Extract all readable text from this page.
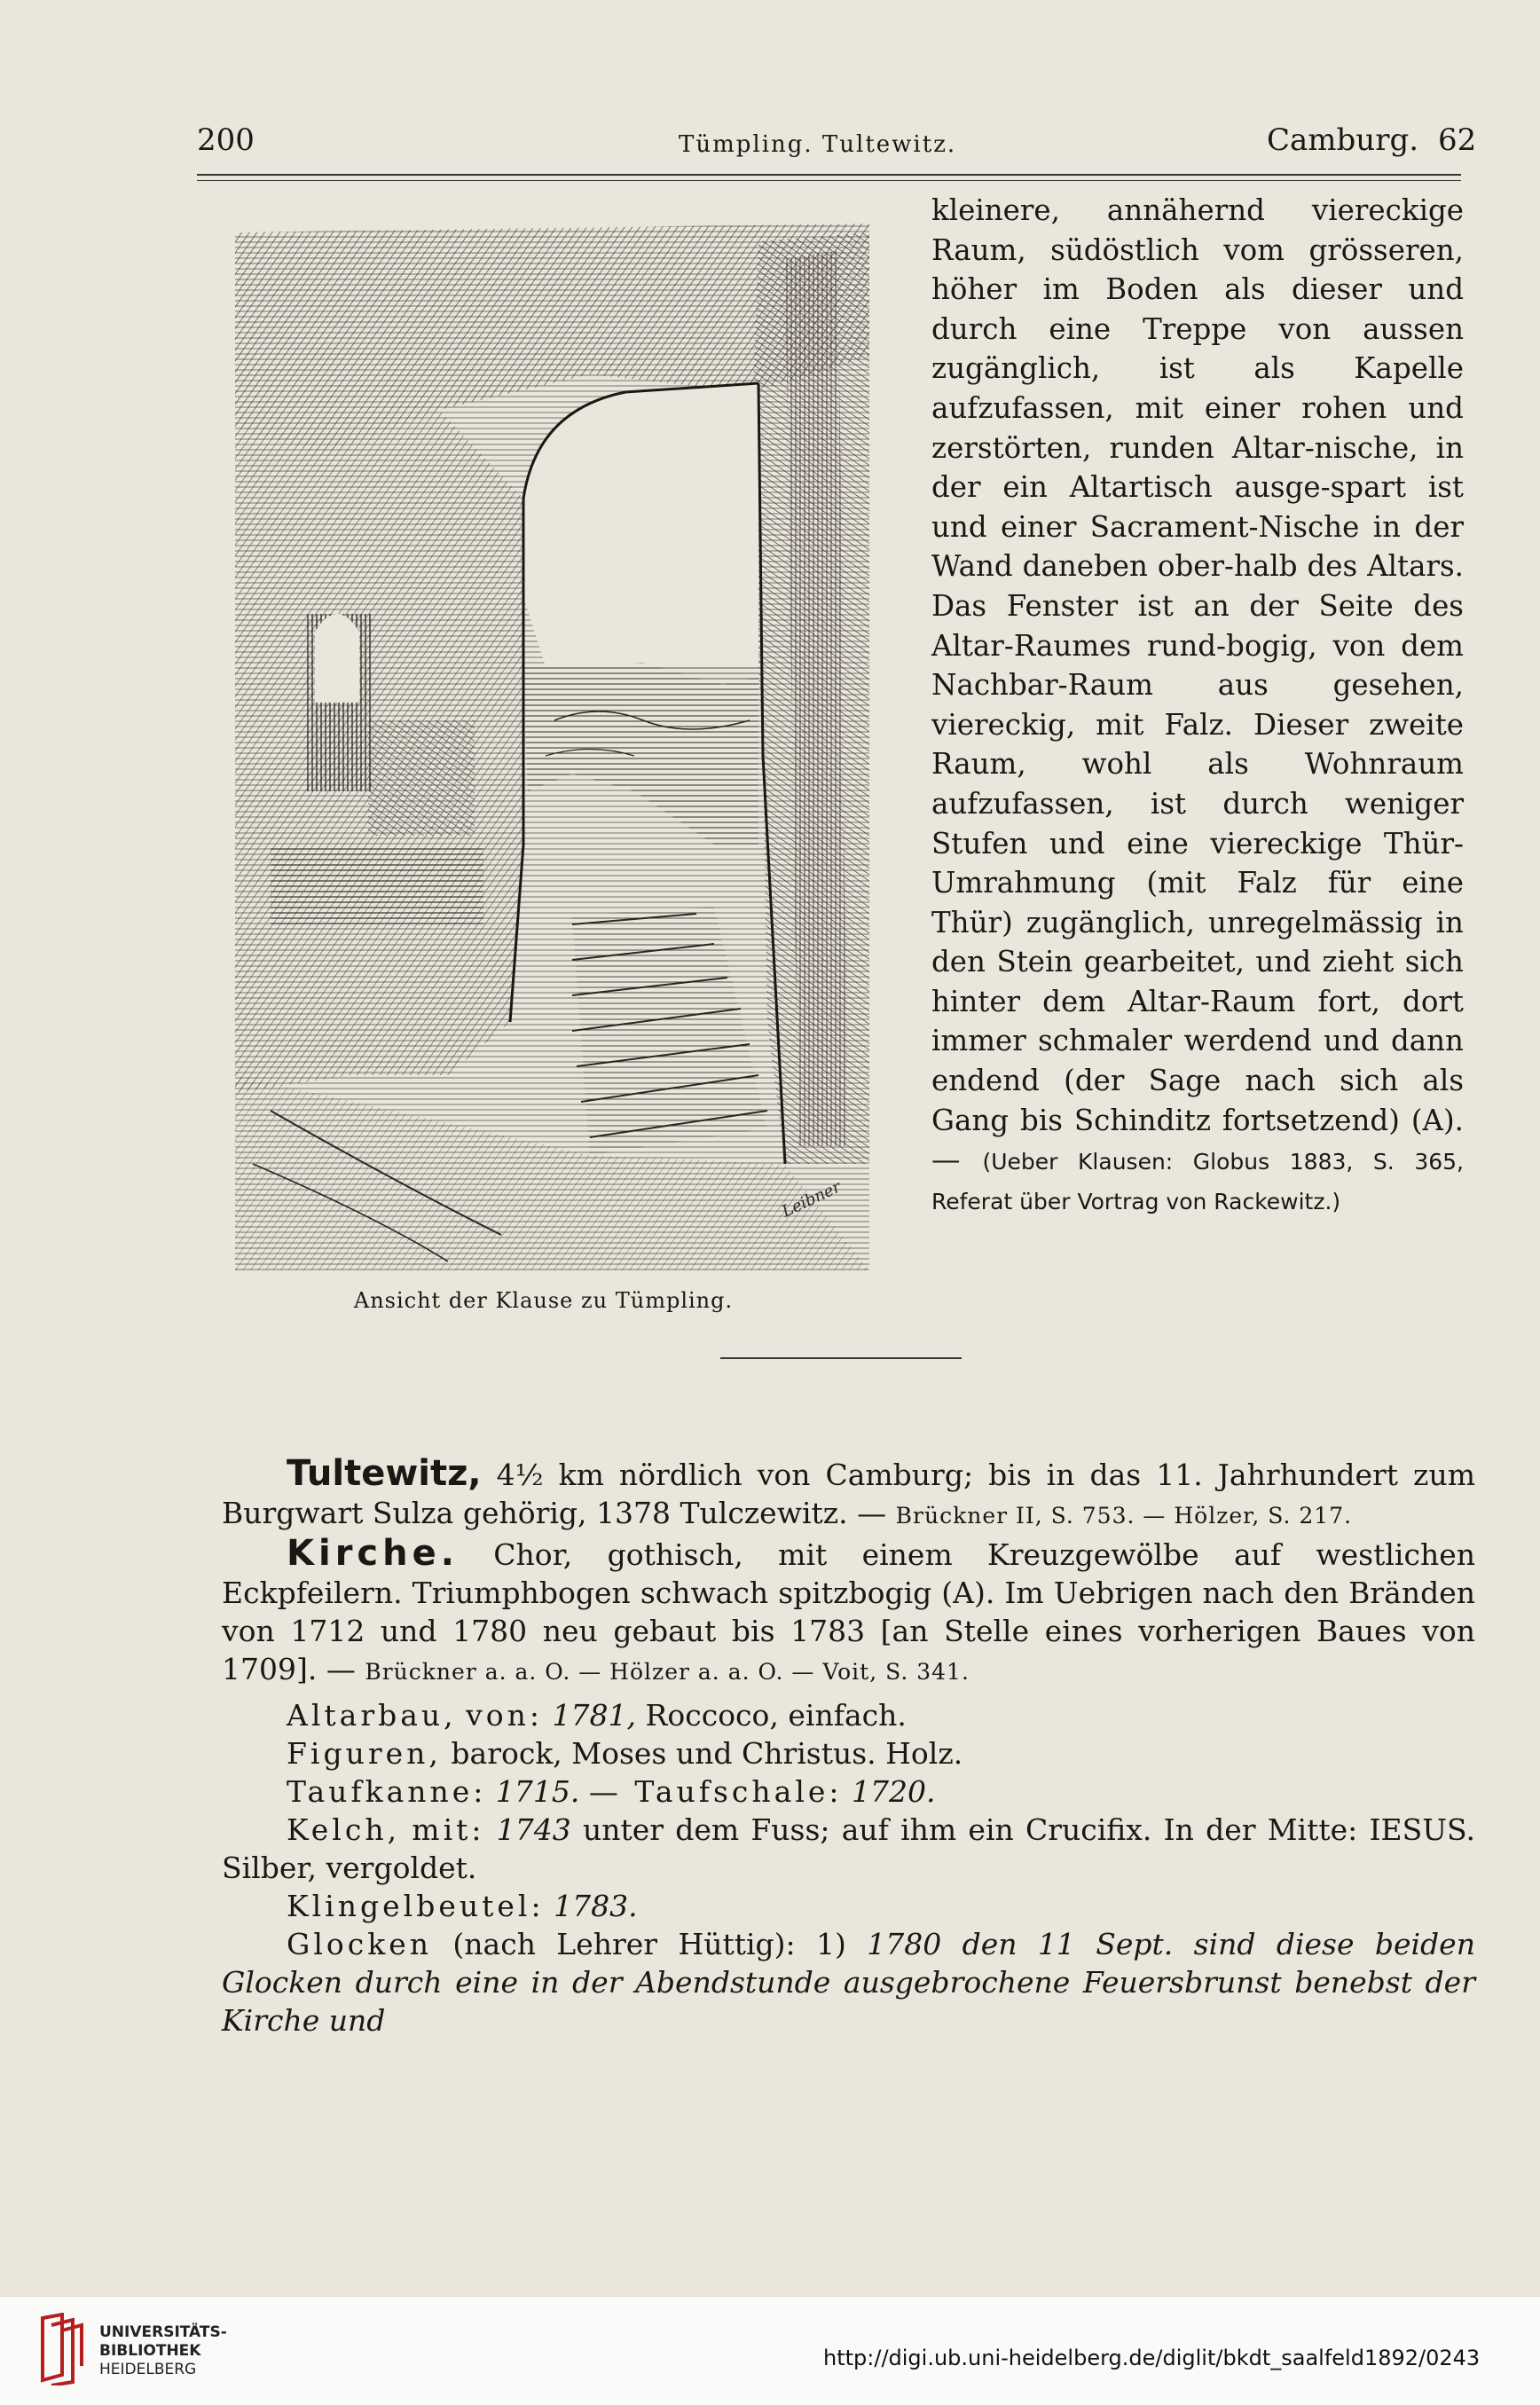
200	Tümpling. Tultewitz.	Camburg. 62
Leibner
Ansicht der Klause zu Tümpling.

kleinere, annähernd viereckige Raum, südöstlich vom grösseren, höher im Boden als dieser und durch eine Treppe von aussen zugänglich, ist als Kapelle aufzufassen, mit einer rohen und zerstörten, runden Altar-nische, in der ein Altartisch ausge-spart ist und einer Sacrament-Nische in der Wand daneben ober-halb des Altars. Das Fenster ist an der Seite des Altar-Raumes rund-bogig, von dem Nachbar-Raum aus gesehen, viereckig, mit Falz. Dieser zweite Raum, wohl als Wohnraum aufzufassen, ist durch weniger Stufen und eine viereckige Thür-Umrahmung (mit Falz für eine Thür) zugänglich, unregelmässig in den Stein gearbeitet, und zieht sich hinter dem Altar-Raum fort, dort immer schmaler werdend und dann endend (der Sage nach sich als Gang bis Schinditz fortsetzend) (A). — (Ueber Klausen: Globus 1883, S. 365, Referat über Vortrag von Rackewitz.)

Tultewitz, 4½ km nördlich von Camburg; bis in das 11. Jahrhundert zum Burgwart Sulza gehörig, 1378 Tulczewitz. — Brückner II, S. 753. — Hölzer, S. 217.

Kirche. Chor, gothisch, mit einem Kreuzgewölbe auf westlichen Eckpfeilern. Triumphbogen schwach spitzbogig (A). Im Uebrigen nach den Bränden von 1712 und 1780 neu gebaut bis 1783 [an Stelle eines vorherigen Baues von 1709]. — Brückner a. a. O. — Hölzer a. a. O. — Voit, S. 341.

Altarbau, von: 1781, Roccoco, einfach.

Figuren, barock, Moses und Christus. Holz.

Taufkanne: 1715. — Taufschale: 1720.

Kelch, mit: 1743 unter dem Fuss; auf ihm ein Crucifix. In der Mitte: IESUS. Silber, vergoldet.

Klingelbeutel: 1783.

Glocken (nach Lehrer Hüttig): 1) 1780 den 11 Sept. sind diese beiden Glocken durch eine in der Abendstunde ausgebrochene Feuersbrunst benebst der Kirche und

UNIVERSITÄTS-
BIBLIOTHEK
HEIDELBERG	http://digi.ub.uni-heidelberg.de/diglit/bkdt_saalfeld1892/0243
